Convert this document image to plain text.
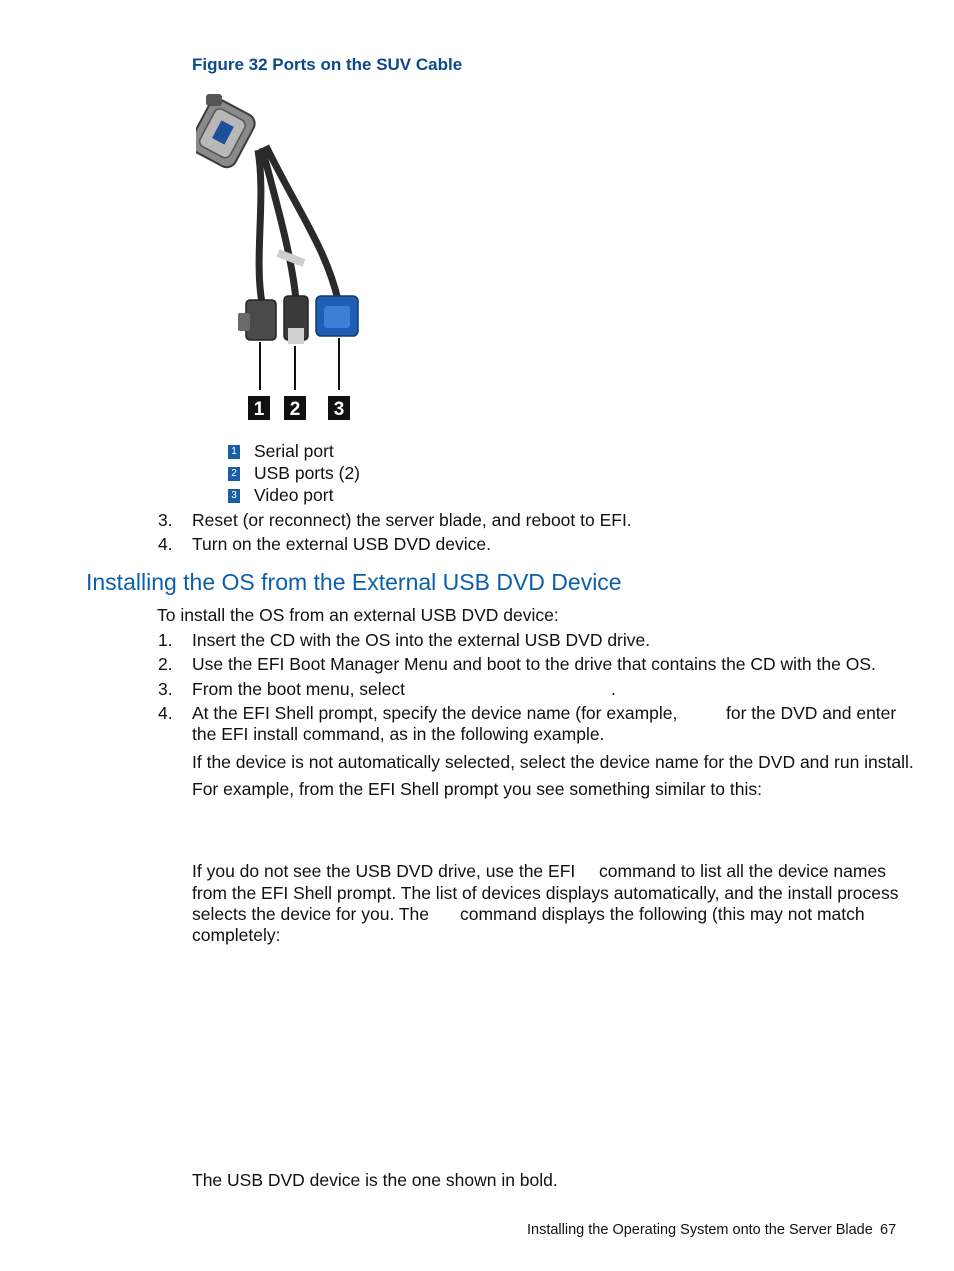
Figure 32 Ports on the SUV Cable
1 2 3
1 Serial port
2 USB ports (2)
3 Video port
3. Reset (or reconnect) the server blade, and reboot to EFI.
4. Turn on the external USB DVD device.
Installing the OS from the External USB DVD Device
To install the OS from an external USB DVD device:
1. Insert the CD with the OS into the external USB DVD drive.
2. Use the EFI Boot Manager Menu and boot to the drive that contains the CD with the OS.
3. From the boot menu, select	.
4. At the EFI Shell prompt, specify the device name (for example,	for the DVD and enter
the EFI install command, as in the following example.
If the device is not automatically selected, select the device name for the DVD and run install.
For example, from the EFI Shell prompt you see something similar to this:
If you do not see the USB DVD drive, use the EFI command to list all the device names
from the EFI Shell prompt. The list of devices displays automatically, and the install process
selects the device for you. The command displays the following (this may not match
completely:
The USB DVD device is the one shown in bold.
Installing the Operating System onto the Server Blade 67
